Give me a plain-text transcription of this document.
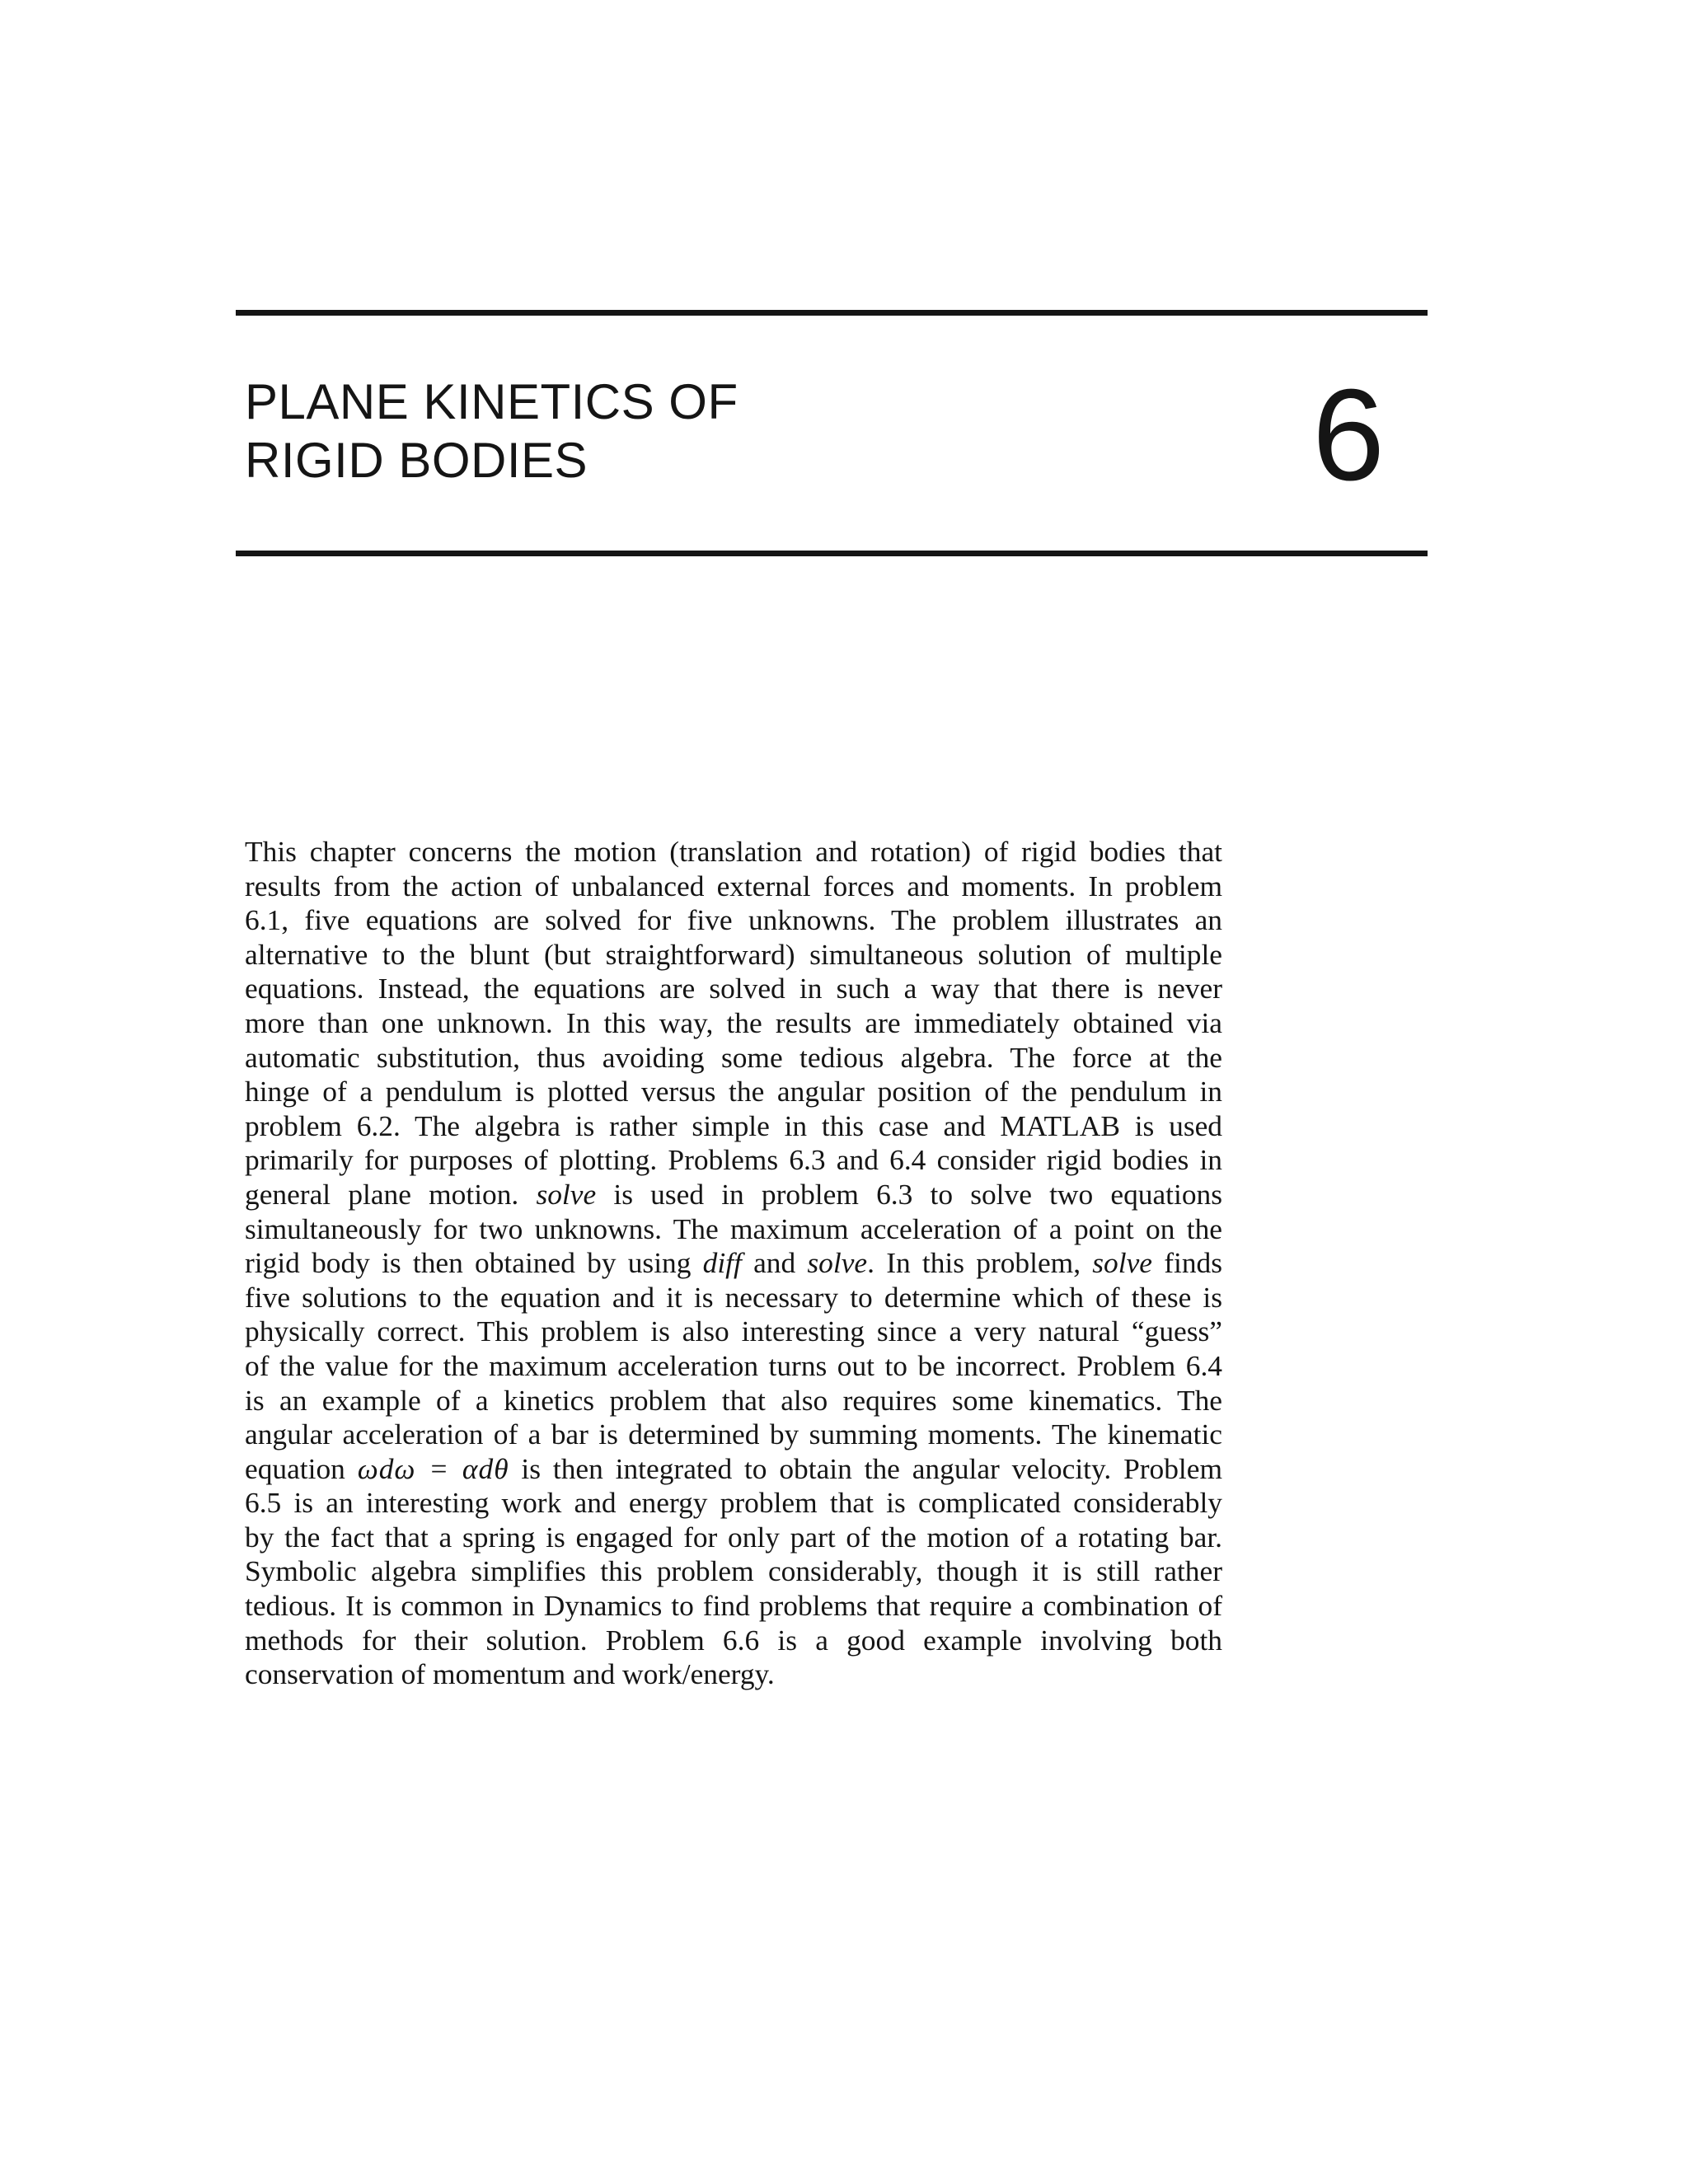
PLANE KINETICS OF
RIGID BODIES	6
This chapter concerns the motion (translation and rotation) of rigid bodies that
results from the action of unbalanced external forces and moments. In problem
6.1, five equations are solved for five unknowns. The problem illustrates an
alternative to the blunt (but straightforward) simultaneous solution of multiple
equations. Instead, the equations are solved in such a way that there is never
more than one unknown. In this way, the results are immediately obtained via
automatic substitution, thus avoiding some tedious algebra. The force at the
hinge of a pendulum is plotted versus the angular position of the pendulum in
problem 6.2. The algebra is rather simple in this case and MATLAB is used
primarily for purposes of plotting. Problems 6.3 and 6.4 consider rigid bodies in
general plane motion. solve is used in problem 6.3 to solve two equations
simultaneously for two unknowns. The maximum acceleration of a point on the
rigid body is then obtained by using diff and solve. In this problem, solve finds
five solutions to the equation and it is necessary to determine which of these is
physically correct. This problem is also interesting since a very natural “guess”
of the value for the maximum acceleration turns out to be incorrect. Problem 6.4
is an example of a kinetics problem that also requires some kinematics. The
angular acceleration of a bar is determined by summing moments. The kinematic
equation ωdω = αdθ is then integrated to obtain the angular velocity. Problem
6.5 is an interesting work and energy problem that is complicated considerably
by the fact that a spring is engaged for only part of the motion of a rotating bar.
Symbolic algebra simplifies this problem considerably, though it is still rather
tedious. It is common in Dynamics to find problems that require a combination of
methods for their solution. Problem 6.6 is a good example involving both
conservation of momentum and work/energy.
